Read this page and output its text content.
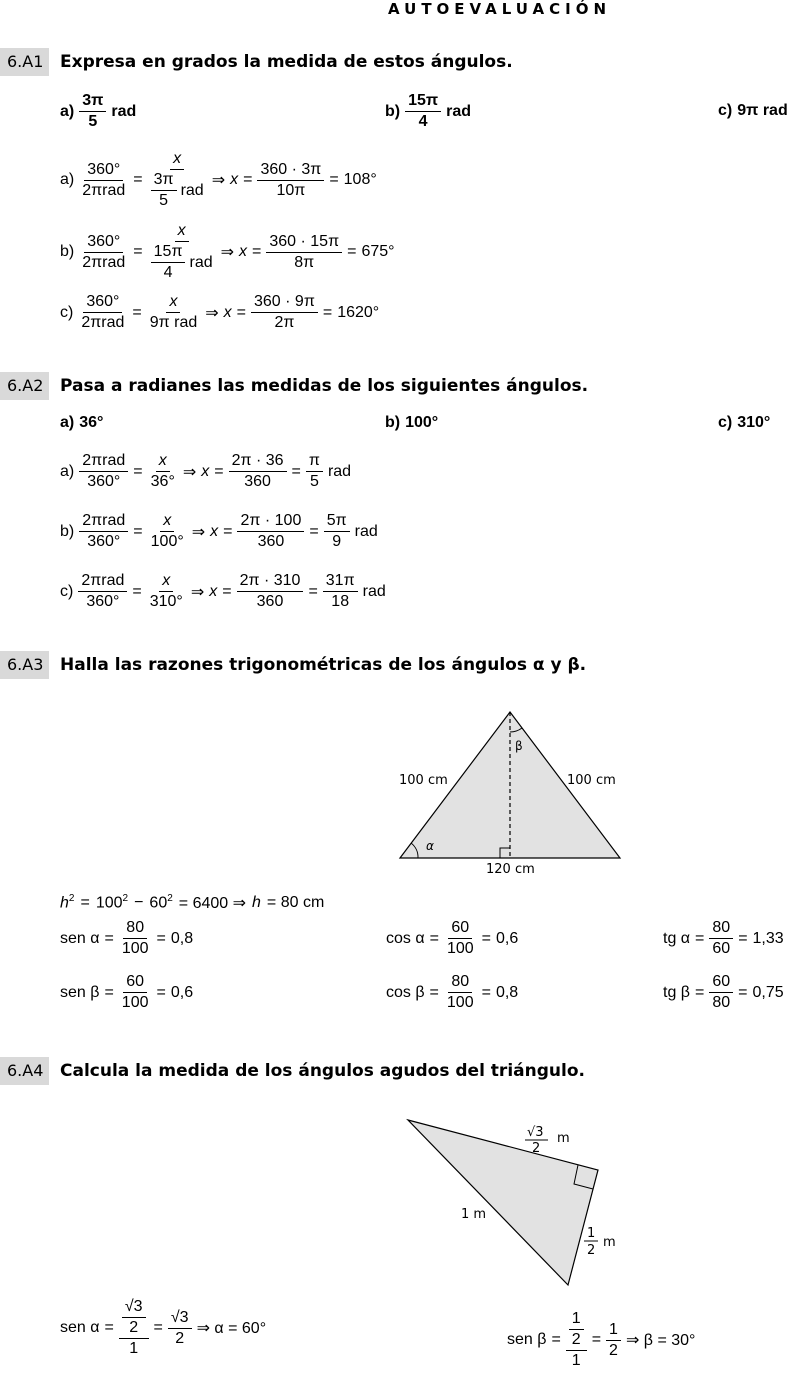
AUTOEVALUACIÓN
6.A1 Expresa en grados la medida de estos ángulos.
$a) \frac{3\pi}{5}$ rad	$b) \frac{15\pi}{4}$ rad	c) 9π rad
$a) \frac{360^\circ}{\text{2πrad}} = \frac{x}{\frac{3\pi}{5} rad}$ ⇒ $x = \frac{360 \cdot 3\pi}{10\pi} = 108^\circ$
$b) \frac{360^\circ}{\text{2πrad}} = \frac{x}{\frac{15\pi}{4} rad}$ ⇒ $x = \frac{360 \cdot 15\pi}{8\pi} = 675^\circ$
$c) \frac{360^\circ}{\text{2πrad}} = \frac{x}{\text{9π rad}}$ ⇒ $x = \frac{360 \cdot 9\pi}{2\pi} = 1620^\circ$
6.A2 Pasa a radianes las medidas de los siguientes ángulos.
a) 36°	b) 100°	c) 310°
$a) \frac{\text{2πrad}}{360^\circ} = \frac{x}{36^\circ}$ ⇒ $x = \frac{2\pi \cdot 36}{360} = \frac{\pi}{5}$ rad
$b) \frac{\text{2πrad}}{360^\circ} = \frac{x}{100^\circ}$ ⇒ $x = \frac{2\pi \cdot 100}{360} = \frac{5\pi}{9}$ rad
$c) \frac{\text{2πrad}}{360^\circ} = \frac{x}{310^\circ}$ ⇒ $x = \frac{2\pi \cdot 310}{360} = \frac{31\pi}{18}$ rad
6.A3 Halla las razones trigonométricas de los ángulos α y β.
100 cm	100 cm
120 cm
α
β
$h^2 = 100^2 - 60^2 = 6400$ ⇒ h = 80 cm
sen $\alpha = \frac{80}{100} = 0,8$	$\cos \alpha = \frac{60}{100} = 0,6$	tg $\alpha = \frac{80}{60} = 1,33$
sen $\beta = \frac{60}{100} = 0,6$	$\cos \beta = \frac{80}{100} = 0,8$	tg $\beta = \frac{60}{80} = 0,75$
6.A4 Calcula la medida de los ángulos agudos del triángulo.
√3
2
m
1 m
1
2
m
sen $\alpha = \frac{\frac{√3}{2}}{1} = \frac{√3}{2}$ ⇒ α = 60°
sen $\beta = \frac{\frac{1}{2}}{1} = \frac{1}{2}$ ⇒ β = 30°
